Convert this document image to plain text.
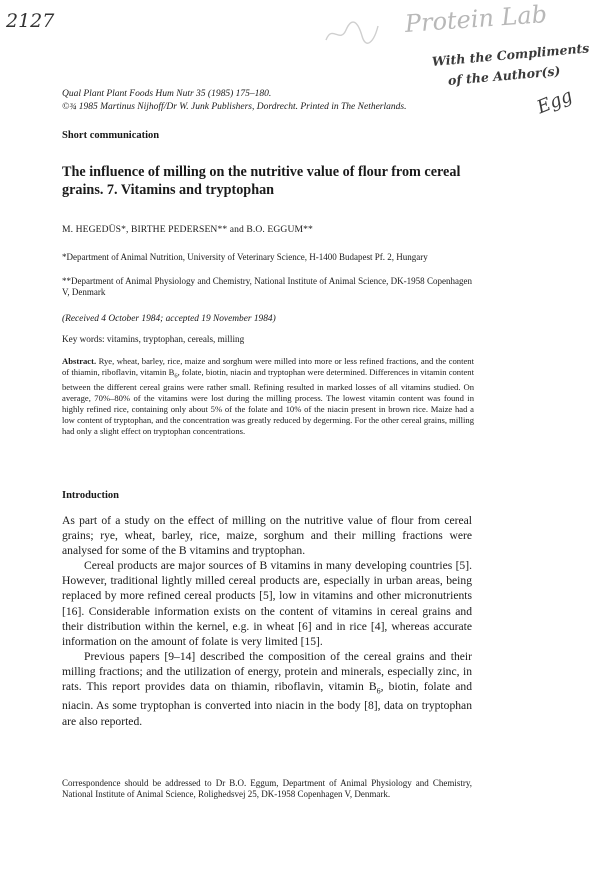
2127	Protein Lab
With the Compliments
of the Author(s)
Egg
Qual Plant Plant Foods Hum Nutr 35 (1985) 175–180.
©¾ 1985 Martinus Nijhoff/Dr W. Junk Publishers, Dordrecht. Printed in The Netherlands.
Short communication
The influence of milling on the nutritive value of flour from cereal grains. 7. Vitamins and tryptophan
M. HEGEDÜS*, BIRTHE PEDERSEN** and B.O. EGGUM**
*Department of Animal Nutrition, University of Veterinary Science, H-1400 Budapest Pf. 2, Hungary
**Department of Animal Physiology and Chemistry, National Institute of Animal Science, DK-1958 Copenhagen V, Denmark
(Received 4 October 1984; accepted 19 November 1984)
Key words: vitamins, tryptophan, cereals, milling
Abstract. Rye, wheat, barley, rice, maize and sorghum were milled into more or less refined fractions, and the content of thiamin, riboflavin, vitamin $B_6$, folate, biotin, niacin and tryptophan were determined. Differences in vitamin content between the different cereal grains were rather small. Refining resulted in marked losses of all vitamins studied. On average, 70%–80% of the vitamins were lost during the milling process. The lowest vitamin content was found in highly refined rice, containing only about 5% of the folate and 10% of the niacin present in brown rice. Maize had a low content of tryptophan, and the concentration was greatly reduced by degerming. For the other cereal grains, milling had only a slight effect on tryptophan concentrations.
Introduction

As part of a study on the effect of milling on the nutritive value of flour from cereal grains; rye, wheat, barley, rice, maize, sorghum and their milling fractions were analysed for some of the B vitamins and tryptophan.

Cereal products are major sources of B vitamins in many developing countries [5]. However, traditional lightly milled cereal products are, especially in urban areas, being replaced by more refined cereal products [5], low in vitamins and other micronutrients [16]. Considerable information exists on the content of vitamins in cereal grains and their distribution within the kernel, e.g. in wheat [6] and in rice [4], whereas accurate information on the amount of folate is very limited [15].

Previous papers [9–14] described the composition of the cereal grains and their milling fractions; and the utilization of energy, protein and minerals, especially zinc, in rats. This report provides data on thiamin, riboflavin, vitamin $B_6$, biotin, folate and niacin. As some tryptophan is converted into niacin in the body [8], data on tryptophan are also reported.

Correspondence should be addressed to Dr B.O. Eggum, Department of Animal Physiology and Chemistry, National Institute of Animal Science, Rolighedsvej 25, DK-1958 Copenhagen V, Denmark.
